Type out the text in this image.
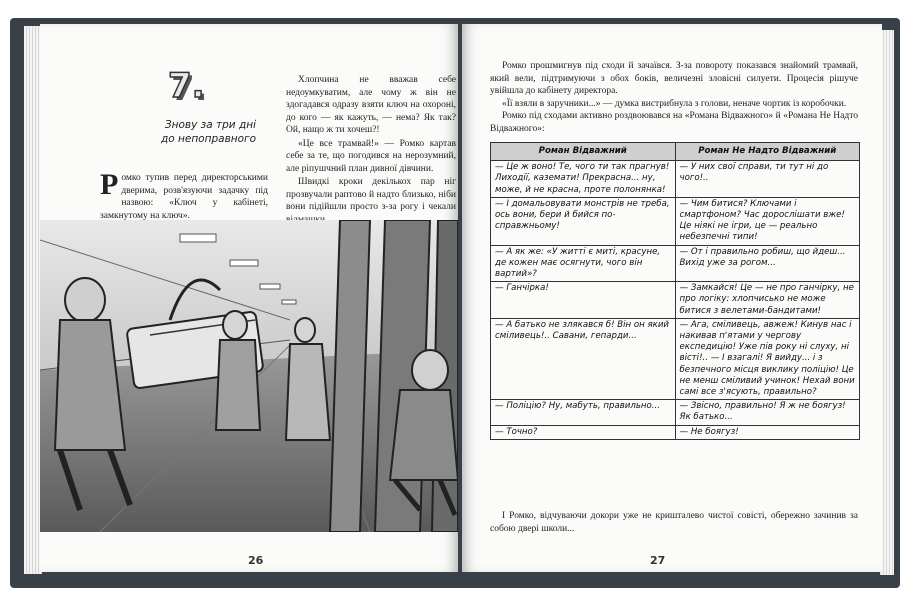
7.
Знову за три дні
до непоправного
Р омко тупив перед директорськими дверима, розв'язуючи задачку під назвою: «Ключ у кабінеті, замкнутому на ключ».

Хлопчина не вважав себе недоумкуватим, але чому ж він не здогадався одразу взяти ключ на охороні, до кого — як кажуть, — нема? Як так? Ой, нащо ж ти хочеш?!

«Це все трамвай!» — Ромко картав себе за те, що погодився на нерозумний, але ріпушчний план дивної дівчини.

Швидкі кроки декількох пар ніг прозвучали раптово й надто близько, ніби вони підійшли просто з-за рогу і чекали

26

Ромко прошмигнув під сходи й зачаївся. З-за повороту показався знайомий трамвай, який вели, підтримуючи з обох боків, величезні зловісні силуети. Процесія рішуче увійшла до кабінету директора.

«Її взяли в заручники...» — думка вистрибнула з голови, неначе чортик із коробочки.

Ромко під сходами активно роздвоювався на «Романа Відважного» й «Романа Не Надто Відважного»:

Роман Відважний	Роман Не Надто Відважний
— Це ж воно! Те, чого ти так прагнув! Лиходії, каземати! Прекрасна... ну, може, й не красна, проте полонянка!	— У них свої справи, ти тут ні до чого!..
— І домальовувати монстрів не треба, ось вони, бери й бийся по-справжньому!	— Чим битися? Ключами і смартфоном? Час дорослішати вже! Це ніякі не ігри, це — реально небезпечні типи!
— А як же: «У житті є миті, красуне, де кожен має осягнути, чого він вартий»?	— От і правильно робиш, що йдеш... Вихід уже за рогом...
— Ганчірка!	— Замкайся! Це — не про ганчірку, не про логіку: хлопчисько не може битися з велетами-бандитами!
— А батько не злякався б! Він он який сміливець!.. Савани, гепарди...	— Ага, сміливець, авжеж! Кинув нас і накивав п'ятами у чергову експедицію! Уже пів року ні слуху, ні вісті!.. — І взагалі! Я вийду... і з безпечного місця виклику поліцію! Це не менш сміливий учинок! Нехай вони самі все з'ясують, правильно?
— Поліцію? Ну, мабуть, правильно...	— Звісно, правильно! Я ж не боягуз! Як батько...
— Точно?	— Не боягуз!
І Ромко, відчуваючи докори уже не кришталево чистої совісті, обережно зачинив за собою двері школи...
27
